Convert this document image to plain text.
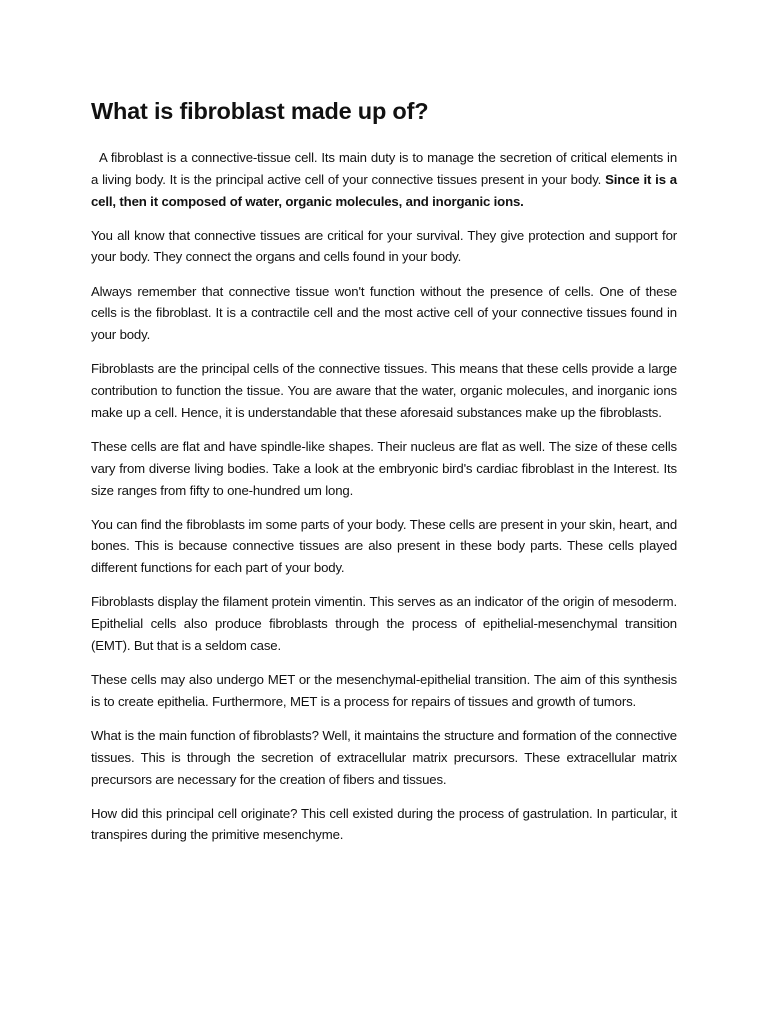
What is fibroblast made up of?

A fibroblast is a connective-tissue cell. Its main duty is to manage the secretion of critical elements in a living body. It is the principal active cell of your connective tissues present in your body. Since it is a cell, then it composed of water, organic molecules, and inorganic ions.

You all know that connective tissues are critical for your survival. They give protection and support for your body. They connect the organs and cells found in your body.

Always remember that connective tissue won't function without the presence of cells. One of these cells is the fibroblast. It is a contractile cell and the most active cell of your connective tissues found in your body.

Fibroblasts are the principal cells of the connective tissues. This means that these cells provide a large contribution to function the tissue. You are aware that the water, organic molecules, and inorganic ions make up a cell. Hence, it is understandable that these aforesaid substances make up the fibroblasts.

These cells are flat and have spindle-like shapes. Their nucleus are flat as well. The size of these cells vary from diverse living bodies. Take a look at the embryonic bird's cardiac fibroblast in the Interest. Its size ranges from fifty to one-hundred um long.

You can find the fibroblasts im some parts of your body. These cells are present in your skin, heart, and bones. This is because connective tissues are also present in these body parts. These cells played different functions for each part of your body.

Fibroblasts display the filament protein vimentin. This serves as an indicator of the origin of mesoderm. Epithelial cells also produce fibroblasts through the process of epithelial-mesenchymal transition (EMT). But that is a seldom case.

These cells may also undergo MET or the mesenchymal-epithelial transition. The aim of this synthesis is to create epithelia. Furthermore, MET is a process for repairs of tissues and growth of tumors.

What is the main function of fibroblasts? Well, it maintains the structure and formation of the connective tissues. This is through the secretion of extracellular matrix precursors. These extracellular matrix precursors are necessary for the creation of fibers and tissues.

How did this principal cell originate? This cell existed during the process of gastrulation. In particular, it transpires during the primitive mesenchyme.
